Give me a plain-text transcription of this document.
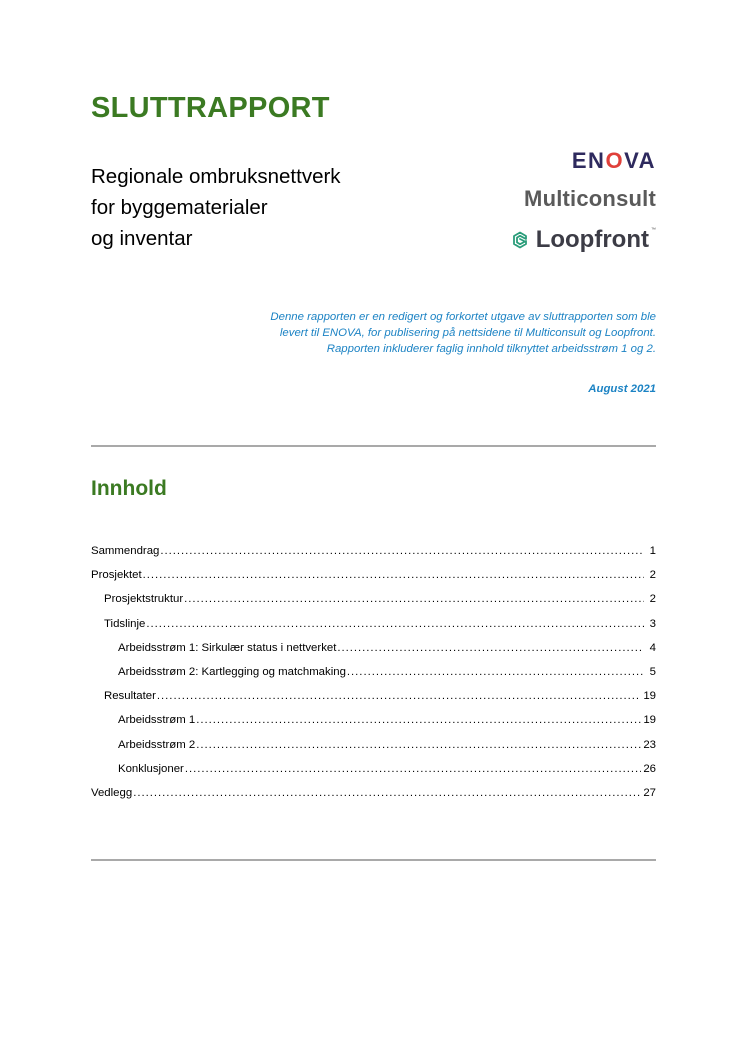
SLUTTRAPPORT
Regionale ombruksnettverk
for byggematerialer
og inventar
ENOVA
Multiconsult
Loopfront ™

Denne rapporten er en redigert og forkortet utgave av sluttrapporten som ble
levert til ENOVA, for publisering på nettsidene til Multiconsult og Loopfront.
Rapporten inkluderer faglig innhold tilknyttet arbeidsstrøm 1 og 2.

August 2021

Innhold
Sammendrag . . .	1
Prosjektet . . .	2
Prosjektstruktur . . .	2
Tidslinje . . .	3
Arbeidsstrøm 1: Sirkulær status i nettverket . . .	4
Arbeidsstrøm 2: Kartlegging og matchmaking . . .	5
Resultater . . .	19
Arbeidsstrøm 1 . . .	19
Arbeidsstrøm 2 . . .	23
Konklusjoner . . .	26
Vedlegg . . .	27
